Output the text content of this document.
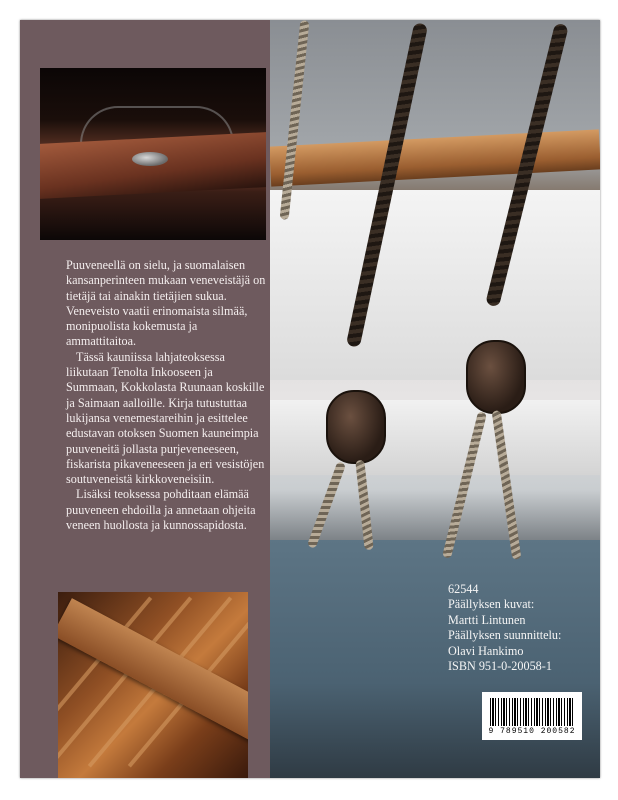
Puuveneellä on sielu, ja suomalaisen kansanperinteen mukaan veneveistäjä on tietäjä tai ainakin tietäjien sukua. Veneveisto vaatii erinomaista silmää, monipuolista kokemusta ja ammattitaitoa.

Tässä kauniissa lahjateoksessa liikutaan Tenolta Inkooseen ja Summaan, Kokkolasta Ruunaan koskille ja Saimaan aalloille. Kirja tutustuttaa lukijansa venemestareihin ja esittelee edustavan otoksen Suomen kauneimpia puuveneitä jollasta purjeveneeseen, fiskarista pikaveneeseen ja eri vesistöjen soutuveneistä kirkkoveneisiin.

Lisäksi teoksessa pohditaan elämää puuveneen ehdoilla ja annetaan ohjeita veneen huollosta ja kunnossapidosta.

62544
Päällyksen kuvat:
Martti Lintunen
Päällyksen suunnittelu:
Olavi Hankimo
ISBN 951-0-20058-1
9 789510 200582
